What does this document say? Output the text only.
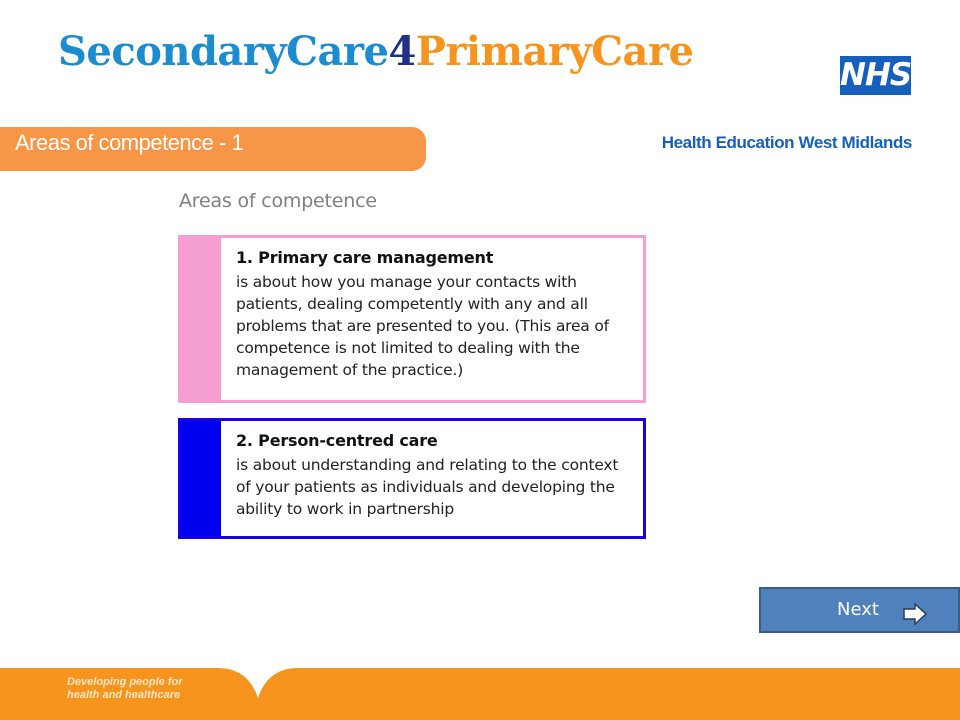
SecondaryCare4PrimaryCare	NHS
Health Education West Midlands
Areas of competence - 1
Areas of competence
1. Primary care management
is about how you manage your contacts with patients, dealing competently with any and all problems that are presented to you. (This area of competence is not limited to dealing with the management of the practice.)
2. Person-centred care
is about understanding and relating to the context of your patients as individuals and developing the ability to work in partnership
Next
Developing people for health and healthcare
